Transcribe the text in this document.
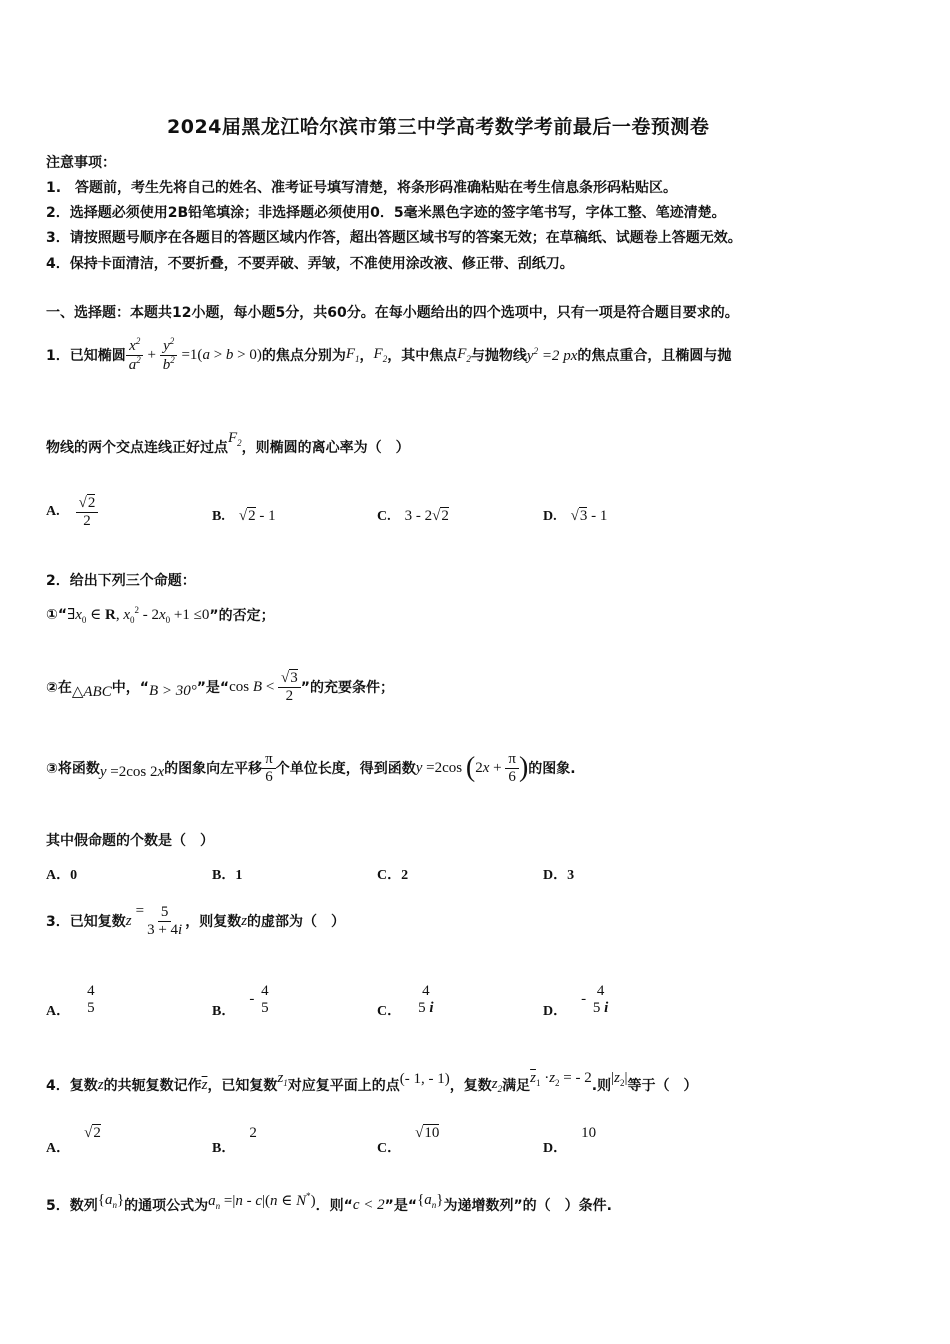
2024届黑龙江哈尔滨市第三中学高考数学考前最后一卷预测卷
注意事项：
1.　答题前，考生先将自己的姓名、准考证号填写清楚，将条形码准确粘贴在考生信息条形码粘贴区。
2．选择题必须使用2B铅笔填涂；非选择题必须使用0．5毫米黑色字迹的签字笔书写，字体工整、笔迹清楚。
3．请按照题号顺序在各题目的答题区域内作答，超出答题区域书写的答案无效；在草稿纸、试题卷上答题无效。
4．保持卡面清洁，不要折叠，不要弄破、弄皱，不准使用涂改液、修正带、刮纸刀。
一、选择题：本题共12小题，每小题5分，共60分。在每小题给出的四个选项中，只有一项是符合题目要求的。
1．已知椭圆 $\frac{x^2}{a^2} + \frac{y^2}{b^2} =1(a > b > 0)$ 的焦点分别为 $F_1$ ， $F_2$ ，其中焦点 $F_2$ 与抛物线 $y^2 =2$ px 的焦点重合，且椭圆与抛
物线的两个交点连线正好过点
$F_2$ ，则椭圆的离心率为（　）
A. $\frac{√2}{2}$	B. √2 - 1	C. 3 - 2√2	D. √3 - 1
2．给出下列三个命题：
①“ $\exists x_0$ ∈ R, $x_0^2 - 2x_0 +1 \le 0$ ”的否定；
②在 △ABC 中，“ B > 30° ”是“ $\cos B < \frac{√3}{2}$ ”的充要条件；
③将函数 y =2cos 2x 的图象向左平移 $\frac{\pi}{6}$ 个单位长度，得到函数 y =2cos ( $2x + \frac{\pi}{6}$ ) 的图象.
其中假命题的个数是（　）
A．0	B．1	C．2	D．3
3．已知复数 z
= $\frac{5}{3 + 4i}$ ，则复数 z 的虚部为（　）
A．
4
5	B．
- 4
5	C．
4
5 i	D．
- 4
5 i
4．复数 z 的共轭复数记作 $\overline{z}$ ，已知复数 $z_1$ 对应复平面上的点 (- 1, - 1) ，复数 $z_2$ 满足 $\overline{z}_1 \cdot z_2$ = - 2 .则 $|z_2|$ 等于（　）
A．
√2
B．
2
C．
√10
D．
10
5．数列 $\{a_n\}$ 的通项公式为 $a_n =|n - c|(n$ ∈ N*) ．则“ c < 2 ”是“ $\{a_n\}$ 为递增数列”的（　）条件.
